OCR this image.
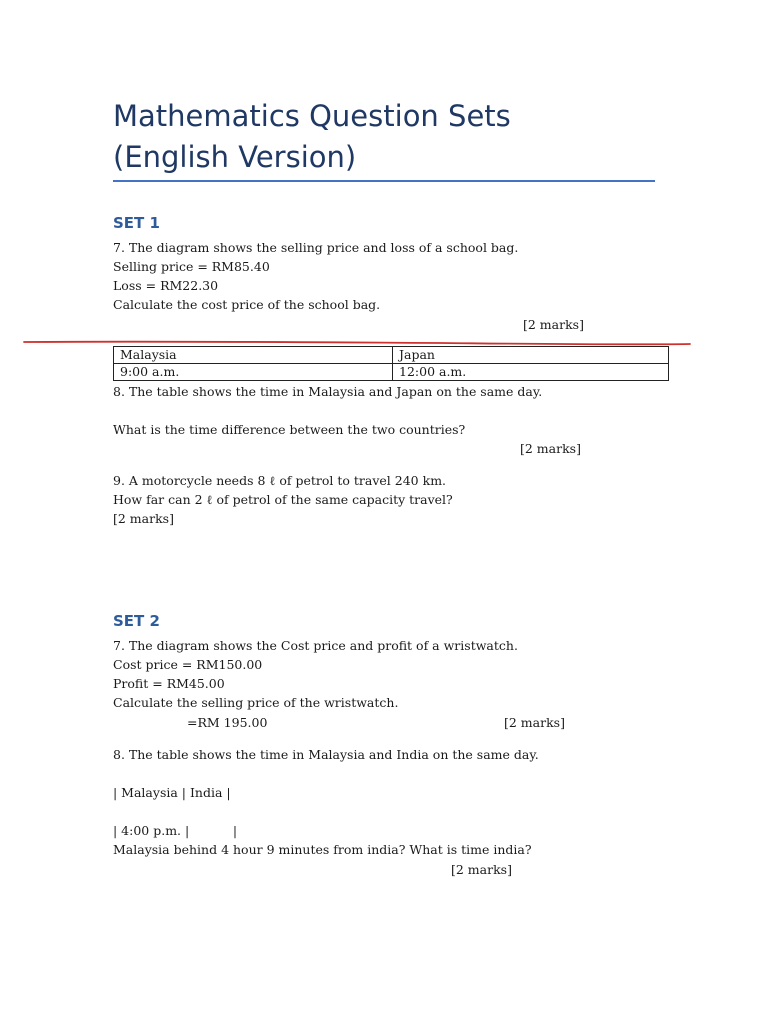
Mathematics Question Sets (English Version)
SET 1
7. The diagram shows the selling price and loss of a school bag.
Selling price = RM85.40
Loss = RM22.30
Calculate the cost price of the school bag.
[2 marks]
Malaysia	Japan
9:00 a.m.	12:00 a.m.
8. The table shows the time in Malaysia and Japan on the same day.
What is the time difference between the two countries?
[2 marks]
9. A motorcycle needs 8 ℓ of petrol to travel 240 km.
How far can 2 ℓ of petrol of the same capacity travel?
[2 marks]
SET 2
7. The diagram shows the Cost price and profit of a wristwatch.
Cost price = RM150.00
Profit = RM45.00
Calculate the selling price of the wristwatch.
=RM 195.00	[2 marks]
8. The table shows the time in Malaysia and India on the same day.
| Malaysia | India |
| 4:00 p.m. |           |
Malaysia behind 4 hour 9 minutes from india? What is time india?
[2 marks]
